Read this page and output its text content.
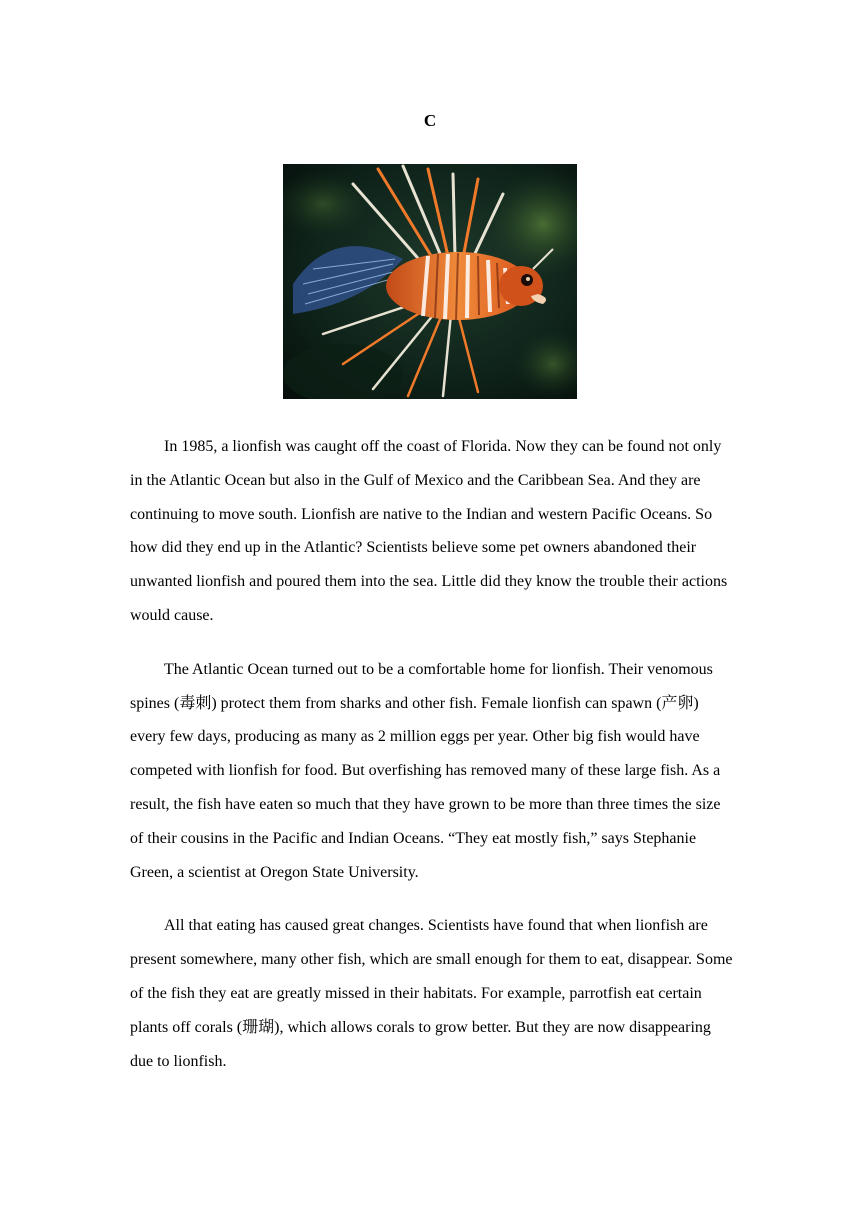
C

In 1985, a lionfish was caught off the coast of Florida. Now they can be found not only in the Atlantic Ocean but also in the Gulf of Mexico and the Caribbean Sea. And they are continuing to move south. Lionfish are native to the Indian and western Pacific Oceans. So how did they end up in the Atlantic? Scientists believe some pet owners abandoned their unwanted lionfish and poured them into the sea. Little did they know the trouble their actions would cause.

The Atlantic Ocean turned out to be a comfortable home for lionfish. Their venomous spines (毒刺) protect them from sharks and other fish. Female lionfish can spawn (产卵) every few days, producing as many as 2 million eggs per year. Other big fish would have competed with lionfish for food. But overfishing has removed many of these large fish. As a result, the fish have eaten so much that they have grown to be more than three times the size of their cousins in the Pacific and Indian Oceans. “They eat mostly fish,” says Stephanie Green, a scientist at Oregon State University.

All that eating has caused great changes. Scientists have found that when lionfish are present somewhere, many other fish, which are small enough for them to eat, disappear. Some of the fish they eat are greatly missed in their habitats. For example, parrotfish eat certain plants off corals (珊瑚), which allows corals to grow better. But they are now disappearing due to lionfish.
